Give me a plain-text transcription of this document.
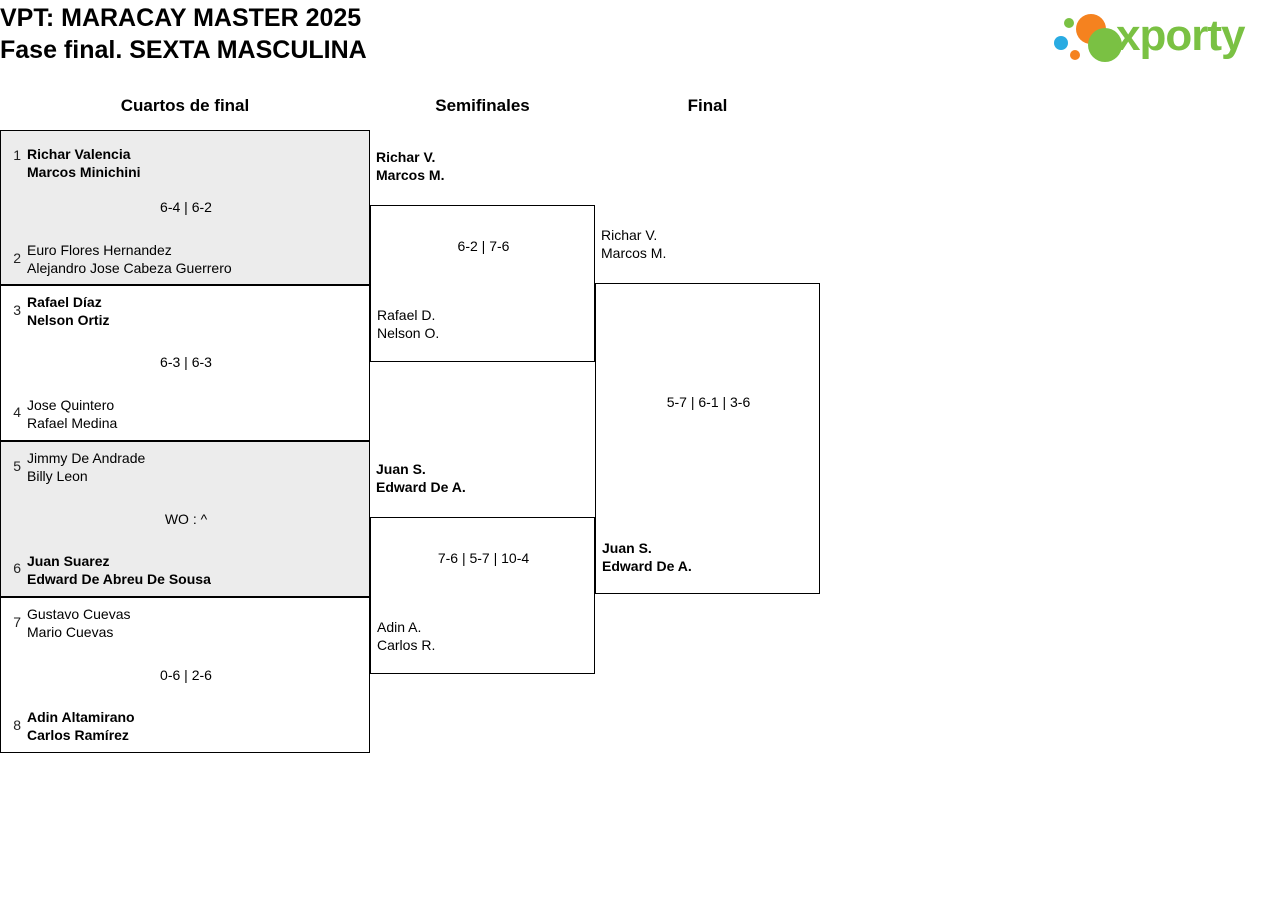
VPT: MARACAY MASTER 2025
Fase final. SEXTA MASCULINA	xporty
Cuartos de final	Semifinales	Final
1 Richar Valencia
Marcos Minichini
6-4 | 6-2
2 Euro Flores Hernandez
Alejandro Jose Cabeza Guerrero
3 Rafael Díaz
Nelson Ortiz
6-3 | 6-3
4 Jose Quintero
Rafael Medina
5 Jimmy De Andrade
Billy Leon
WO : ^
6 Juan Suarez
Edward De Abreu De Sousa
7 Gustavo Cuevas
Mario Cuevas
0-6 | 2-6
8 Adin Altamirano
Carlos Ramírez
Richar V.
Marcos M.
6-2 | 7-6
Rafael D.
Nelson O.
Juan S.
Edward De A.
7-6 | 5-7 | 10-4
Adin A.
Carlos R.
Richar V.
Marcos M.
5-7 | 6-1 | 3-6
Juan S.
Edward De A.
